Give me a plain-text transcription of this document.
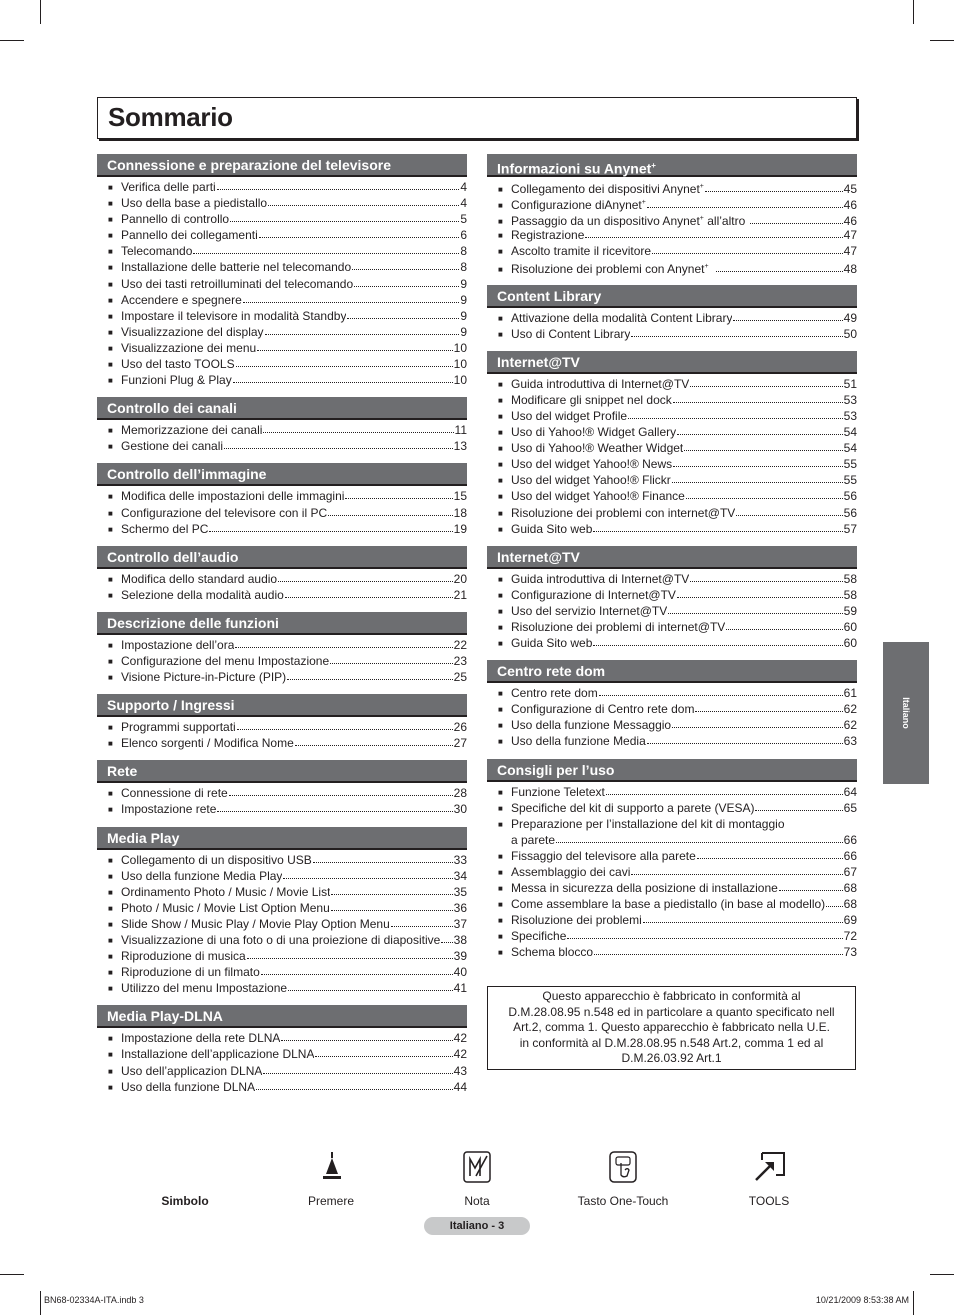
Sommario
Connessione e preparazione del televisore
■ Verifica delle parti	4
■ Uso della base a piedistallo	4
■ Pannello di controllo	5
■ Pannello dei collegamenti	6
■ Telecomando	8
■ Installazione delle batterie nel telecomando	8
■ Uso dei tasti retroilluminati del telecomando	9
■ Accendere e spegnere	9
■ Impostare il televisore in modalità Standby	9
■ Visualizzazione del display	9
■ Visualizzazione dei menu	10
■ Uso del tasto TOOLS	10
■ Funzioni Plug & Play	10
Controllo dei canali
■ Memorizzazione dei canali	11
■ Gestione dei canali	13
Controllo dell’immagine
■ Modifica delle impostazioni delle immagini	15
■ Configurazione del televisore con il PC	18
■ Schermo del PC	19
Controllo dell’audio
■ Modifica dello standard audio	20
■ Selezione della modalità audio	21
Descrizione delle funzioni
■ Impostazione dell’ora	22
■ Configurazione del menu Impostazione	23
■ Visione Picture-in-Picture (PIP)	25
Supporto / Ingressi
■ Programmi supportati	26
■ Elenco sorgenti / Modifica Nome	27
Rete
■ Connessione di rete	28
■ Impostazione rete	30
Media Play
■ Collegamento di un dispositivo USB	33
■ Uso della funzione Media Play	34
■ Ordinamento Photo / Music / Movie List	35
■ Photo / Music / Movie List Option Menu	36
■ Slide Show / Music Play / Movie Play Option Menu	37
■ Visualizzazione di una foto o di una proiezione di diapositive 38
■ Riproduzione di musica	39
■ Riproduzione di un filmato	40
■ Utilizzo del menu Impostazione	41
Media Play-DLNA
■ Impostazione della rete DLNA	42
■ Installazione dell’applicazione DLNA	42
■ Uso dell’applicazion DLNA	43
■ Uso della funzione DLNA	44
Informazioni su Anynet+
■ Collegamento dei dispositivi Anynet+	45
■ Configurazione diAnynet+	46
■ Passaggio da un dispositivo Anynet+ all’altro	46
■ Registrazione	47
■ Ascolto tramite il ricevitore	47
■ Risoluzione dei problemi con Anynet+	48
Content Library
■ Attivazione della modalità Content Library	49
■ Uso di Content Library	50
Internet@TV
■ Guida introduttiva di Internet@TV	51
■ Modificare gli snippet nel dock	53
■ Uso del widget Profile	53
■ Uso di Yahoo!® Widget Gallery	54
■ Uso di Yahoo!® Weather Widget	54
■ Uso del widget Yahoo!® News	55
■ Uso del widget Yahoo!® Flickr	55
■ Uso del widget Yahoo!® Finance	56
■ Risoluzione dei problemi con internet@TV	56
■ Guida Sito web	57
Internet@TV
■ Guida introduttiva di Internet@TV	58
■ Configurazione di Internet@TV	58
■ Uso del servizio Internet@TV	59
■ Risoluzione dei problemi di internet@TV	60
■ Guida Sito web	60
Centro rete dom
■ Centro rete dom	61
■ Configurazione di Centro rete dom	62
■ Uso della funzione Messaggio	62
■ Uso della funzione Media	63
Consigli per l’uso
■ Funzione Teletext	64
■ Specifiche del kit di supporto a parete (VESA)	65
■ Preparazione per l’installazione del kit di montaggio
a parete	66
■ Fissaggio del televisore alla parete	66
■ Assemblaggio dei cavi	67
■ Messa in sicurezza della posizione di installazione	68
■ Come assemblare la base a piedistallo (in base al modello) 68
■ Risoluzione dei problemi	69
■ Specifiche	72
■ Schema blocco	73
Questo apparecchio è fabbricato in conformità al
D.M.28.08.95 n.548 ed in particolare a quanto specificato nell
Art.2, comma 1. Questo apparecchio è fabbricato nella U.E.
in conformità al D.M.28.08.95 n.548 Art.2, comma 1 ed al
D.M.26.03.92 Art.1
Italiano
Simbolo	Premere	Nota	Tasto One-Touch	TOOLS
Italiano - 3
BN68-02334A-ITA.indb 3	10/21/2009 8:53:38 AM
